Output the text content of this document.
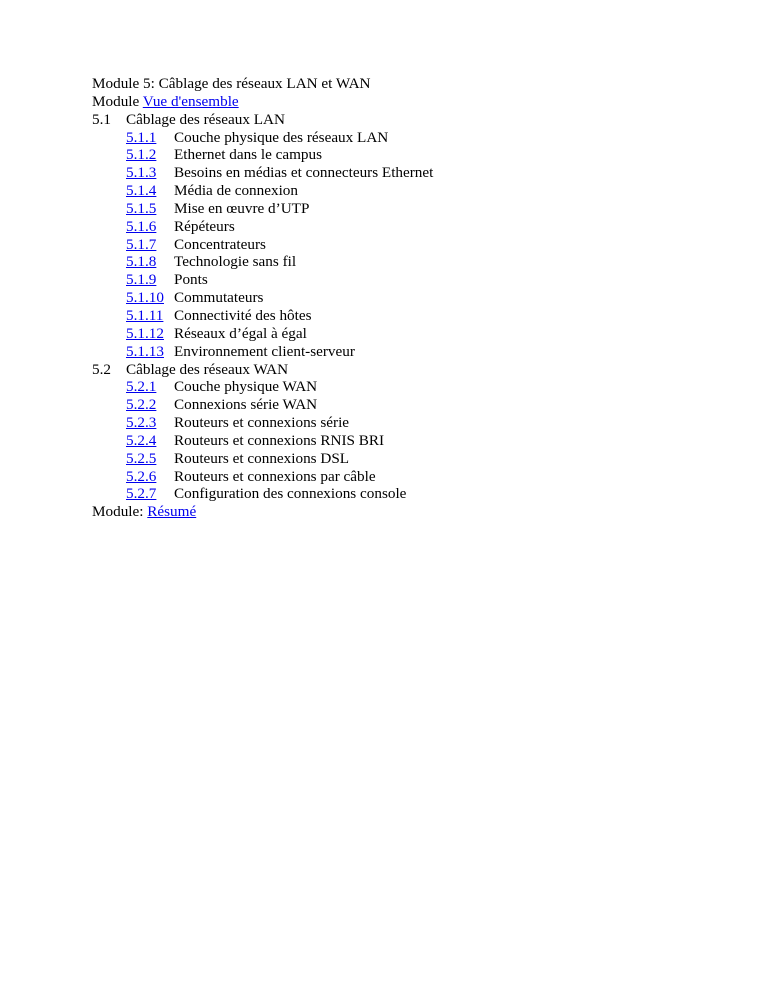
Module 5: Câblage des réseaux LAN et WAN
Module Vue d'ensemble
5.1 Câblage des réseaux LAN
5.1.1 Couche physique des réseaux LAN
5.1.2 Ethernet dans le campus
5.1.3 Besoins en médias et connecteurs Ethernet
5.1.4 Média de connexion
5.1.5 Mise en œuvre d’UTP
5.1.6 Répéteurs
5.1.7 Concentrateurs
5.1.8 Technologie sans fil
5.1.9 Ponts
5.1.10 Commutateurs
5.1.11 Connectivité des hôtes
5.1.12 Réseaux d’égal à égal
5.1.13 Environnement client-serveur
5.2 Câblage des réseaux WAN
5.2.1 Couche physique WAN
5.2.2 Connexions série WAN
5.2.3 Routeurs et connexions série
5.2.4 Routeurs et connexions RNIS BRI
5.2.5 Routeurs et connexions DSL
5.2.6 Routeurs et connexions par câble
5.2.7 Configuration des connexions console
Module: Résumé
